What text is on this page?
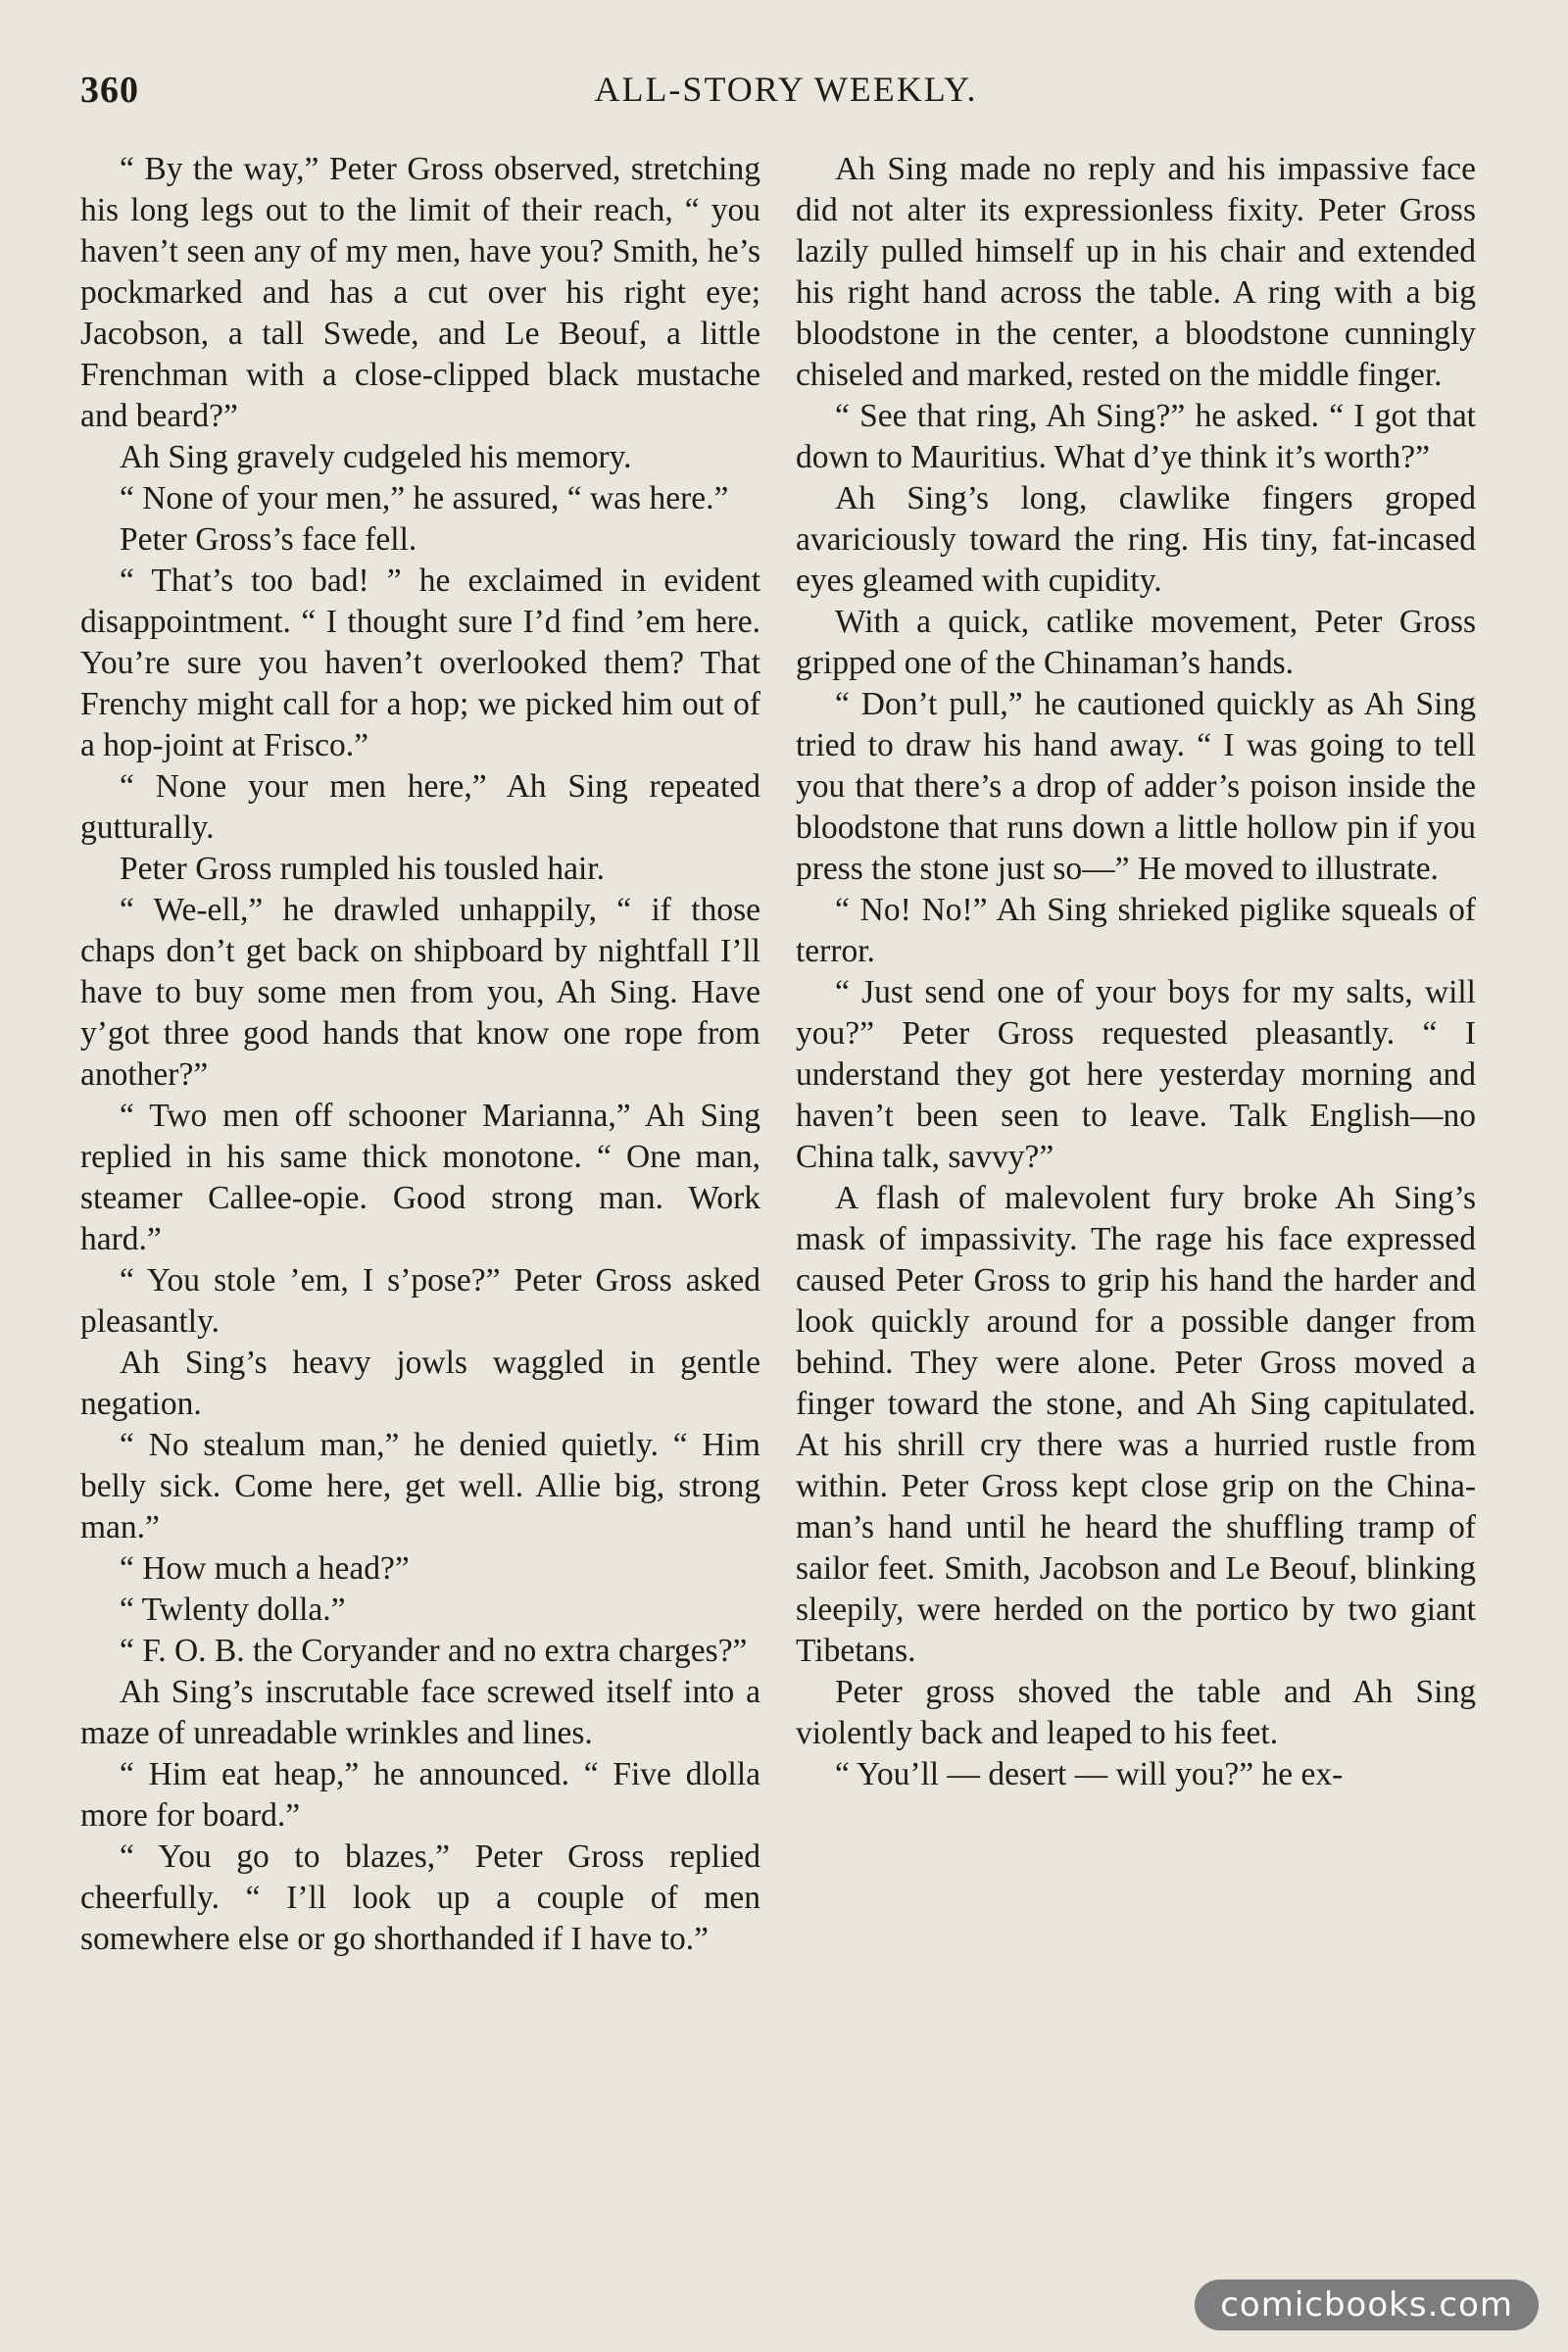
360	ALL-STORY WEEKLY.

“ By the way,” Peter Gross observed, stretching his long legs out to the limit of their reach, “ you haven’t seen any of my men, have you? Smith, he’s pockmarked and has a cut over his right eye; Jacobson, a tall Swede, and Le Beouf, a little Frenchman with a close-clipped black mustache and beard?”

Ah Sing gravely cudgeled his memory.

“ None of your men,” he assured, “ was here.”

Peter Gross’s face fell.

“ That’s too bad! ” he exclaimed in evident disappointment. “ I thought sure I’d find ’em here. You’re sure you haven’t overlooked them? That Frenchy might call for a hop; we picked him out of a hop-joint at Frisco.”

“ None your men here,” Ah Sing repeated gutturally.

Peter Gross rumpled his tousled hair.

“ We-ell,” he drawled unhappily, “ if those chaps don’t get back on shipboard by nightfall I’ll have to buy some men from you, Ah Sing. Have y’got three good hands that know one rope from another?”

“ Two men off schooner Marianna,” Ah Sing replied in his same thick monotone. “ One man, steamer Callee-opie. Good strong man. Work hard.”

“ You stole ’em, I s’pose?” Peter Gross asked pleasantly.

Ah Sing’s heavy jowls waggled in gentle negation.

“ No stealum man,” he denied quietly. “ Him belly sick. Come here, get well. Allie big, strong man.”

“ How much a head?”

“ Twlenty dolla.”

“ F. O. B. the Coryander and no extra charges?”

Ah Sing’s inscrutable face screwed itself into a maze of unreadable wrinkles and lines.

“ Him eat heap,” he announced. “ Five dlolla more for board.”

“ You go to blazes,” Peter Gross replied cheerfully. “ I’ll look up a couple of men somewhere else or go shorthanded if I have to.”

Ah Sing made no reply and his impassive face did not alter its expressionless fixity. Peter Gross lazily pulled himself up in his chair and extended his right hand across the table. A ring with a big bloodstone in the center, a bloodstone cunningly chiseled and marked, rested on the middle finger.

“ See that ring, Ah Sing?” he asked. “ I got that down to Mauritius. What d’ye think it’s worth?”

Ah Sing’s long, clawlike fingers groped avariciously toward the ring. His tiny, fat-incased eyes gleamed with cupidity.

With a quick, catlike movement, Peter Gross gripped one of the Chinaman’s hands.

“ Don’t pull,” he cautioned quickly as Ah Sing tried to draw his hand away. “ I was going to tell you that there’s a drop of adder’s poison inside the bloodstone that runs down a little hollow pin if you press the stone just so—” He moved to illustrate.

“ No! No!” Ah Sing shrieked piglike squeals of terror.

“ Just send one of your boys for my salts, will you?” Peter Gross requested pleasantly. “ I understand they got here yesterday morning and haven’t been seen to leave. Talk English—no China talk, savvy?”

A flash of malevolent fury broke Ah Sing’s mask of impassivity. The rage his face expressed caused Peter Gross to grip his hand the harder and look quickly around for a possible danger from behind. They were alone. Peter Gross moved a finger toward the stone, and Ah Sing capitulated. At his shrill cry there was a hurried rustle from within. Peter Gross kept close grip on the Chinaman’s hand until he heard the shuffling tramp of sailor feet. Smith, Jacobson and Le Beouf, blinking sleepily, were herded on the portico by two giant Tibetans.

Peter gross shoved the table and Ah Sing violently back and leaped to his feet.

“ You’ll — desert — will you?” he ex-

comicbooks.com
